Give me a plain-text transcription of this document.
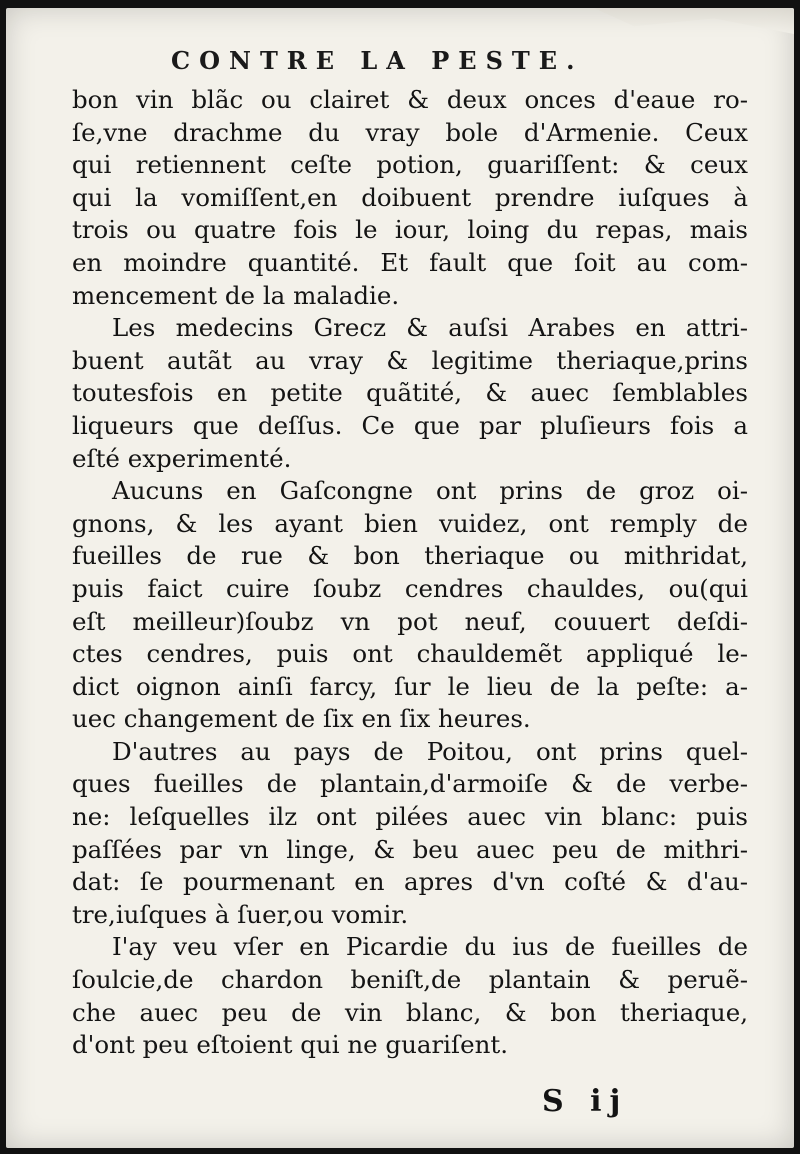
CONTRE LA PESTE.
bon vin blãc ou clairet & deux onces d'eaue ro-
ſe,vne drachme du vray bole d'Armenie. Ceux
qui retiennent ceſte potion, guariſſent: & ceux
qui la vomiſſent,en doibuent prendre iuſques à
trois ou quatre fois le iour, loing du repas, mais
en moindre quantité. Et fault que ſoit au com-
mencement de la maladie.
Les medecins Grecz & auſsi Arabes en attri-
buent autãt au vray & legitime theriaque,prins
toutesfois en petite quãtité, & auec ſemblables
liqueurs que deſſus. Ce que par pluſieurs fois a
eſté experimenté.
Aucuns en Gaſcongne ont prins de groz oi-
gnons, & les ayant bien vuidez, ont remply de
fueilles de rue & bon theriaque ou mithridat,
puis faict cuire ſoubz cendres chauldes, ou(qui
eſt meilleur)ſoubz vn pot neuf, couuert deſdi-
ctes cendres, puis ont chauldemẽt appliqué le-
dict oignon ainſi farcy, ſur le lieu de la peſte: a-
uec changement de ſix en ſix heures.
D'autres au pays de Poitou, ont prins quel-
ques fueilles de plantain,d'armoiſe & de verbe-
ne: leſquelles ilz ont pilées auec vin blanc: puis
paſſées par vn linge, & beu auec peu de mithri-
dat: ſe pourmenant en apres d'vn coſté & d'au-
tre,iuſques à ſuer,ou vomir.
I'ay veu vſer en Picardie du ius de fueilles de
ſoulcie,de chardon beniſt,de plantain & peruẽ-
che auec peu de vin blanc, & bon theriaque,
d'ont peu eſtoient qui ne guariſent.
S ij
